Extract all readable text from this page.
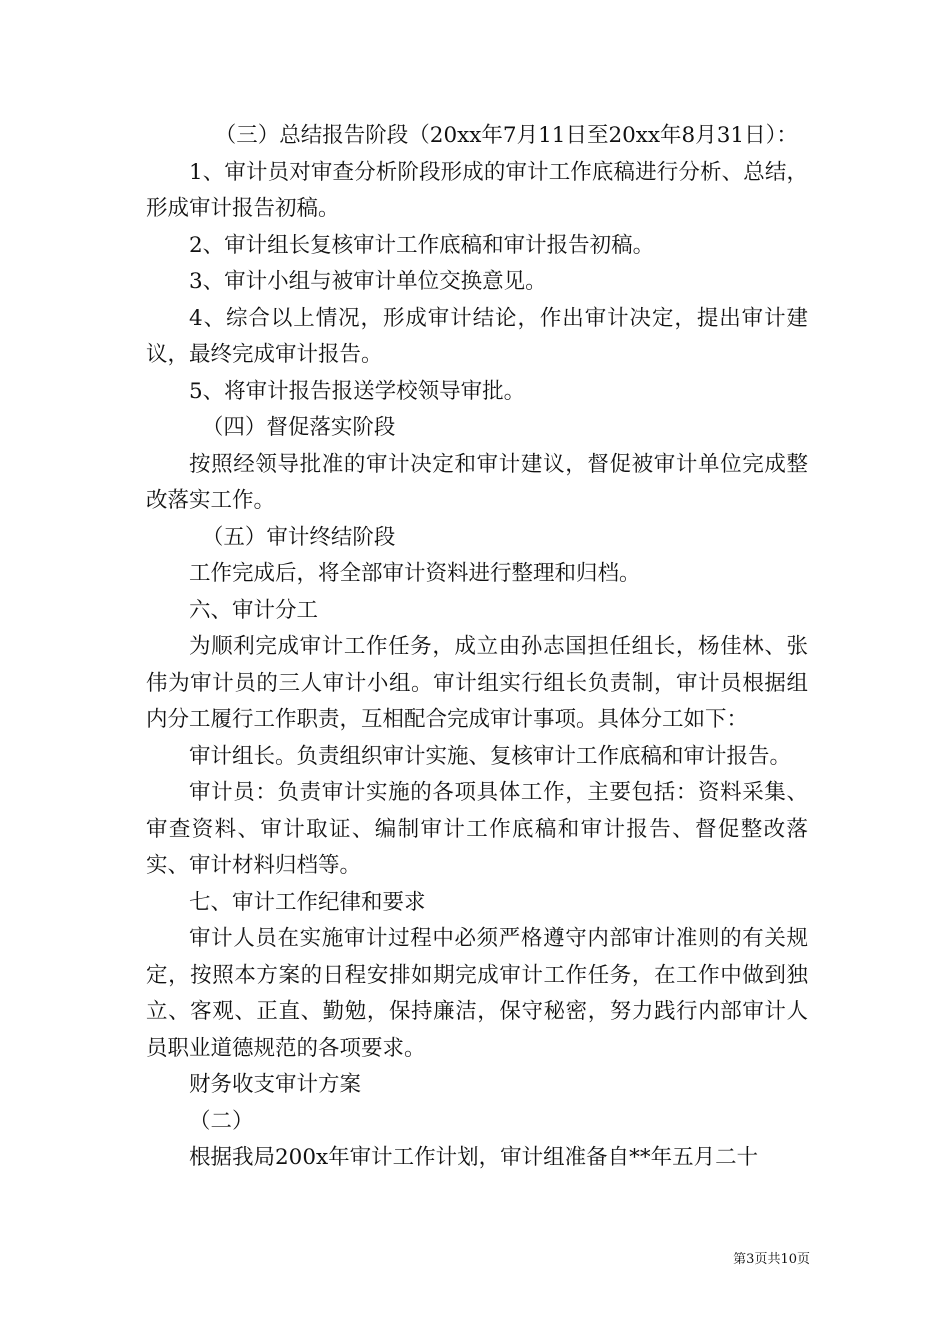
（三）总结报告阶段（20xx年7月11日至20xx年8月31日）：

1、审计员对审查分析阶段形成的审计工作底稿进行分析、总结，形成审计报告初稿。

2、审计组长复核审计工作底稿和审计报告初稿。

3、审计小组与被审计单位交换意见。

4、综合以上情况，形成审计结论，作出审计决定，提出审计建议，最终完成审计报告。

5、将审计报告报送学校领导审批。

（四）督促落实阶段

按照经领导批准的审计决定和审计建议，督促被审计单位完成整改落实工作。

（五）审计终结阶段

工作完成后，将全部审计资料进行整理和归档。

六、审计分工

为顺利完成审计工作任务，成立由孙志国担任组长，杨佳林、张伟为审计员的三人审计小组。审计组实行组长负责制，审计员根据组内分工履行工作职责，互相配合完成审计事项。具体分工如下：

审计组长。负责组织审计实施、复核审计工作底稿和审计报告。

审计员：负责审计实施的各项具体工作，主要包括：资料采集、审查资料、审计取证、编制审计工作底稿和审计报告、督促整改落实、审计材料归档等。

七、审计工作纪律和要求

审计人员在实施审计过程中必须严格遵守内部审计准则的有关规定，按照本方案的日程安排如期完成审计工作任务，在工作中做到独立、客观、正直、勤勉，保持廉洁，保守秘密，努力践行内部审计人员职业道德规范的各项要求。

财务收支审计方案

（二）

根据我局200x年审计工作计划，审计组准备自**年五月二十

第3页共10页
